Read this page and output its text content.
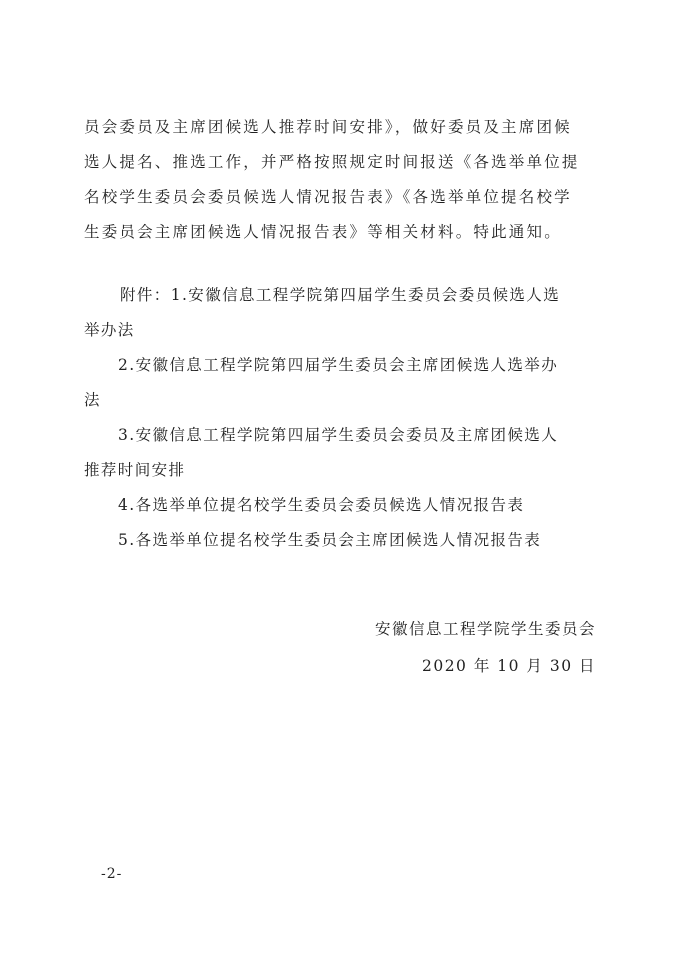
员会委员及主席团候选人推荐时间安排》，做好委员及主席团候
选人提名、推选工作，并严格按照规定时间报送《各选举单位提
名校学生委员会委员候选人情况报告表》《各选举单位提名校学
生委员会主席团候选人情况报告表》等相关材料。特此通知。
附件：1.安徽信息工程学院第四届学生委员会委员候选人选
举办法
2.安徽信息工程学院第四届学生委员会主席团候选人选举办
法
3.安徽信息工程学院第四届学生委员会委员及主席团候选人
推荐时间安排
4.各选举单位提名校学生委员会委员候选人情况报告表
5.各选举单位提名校学生委员会主席团候选人情况报告表
安徽信息工程学院学生委员会
2020 年 10 月 30 日
-2-
